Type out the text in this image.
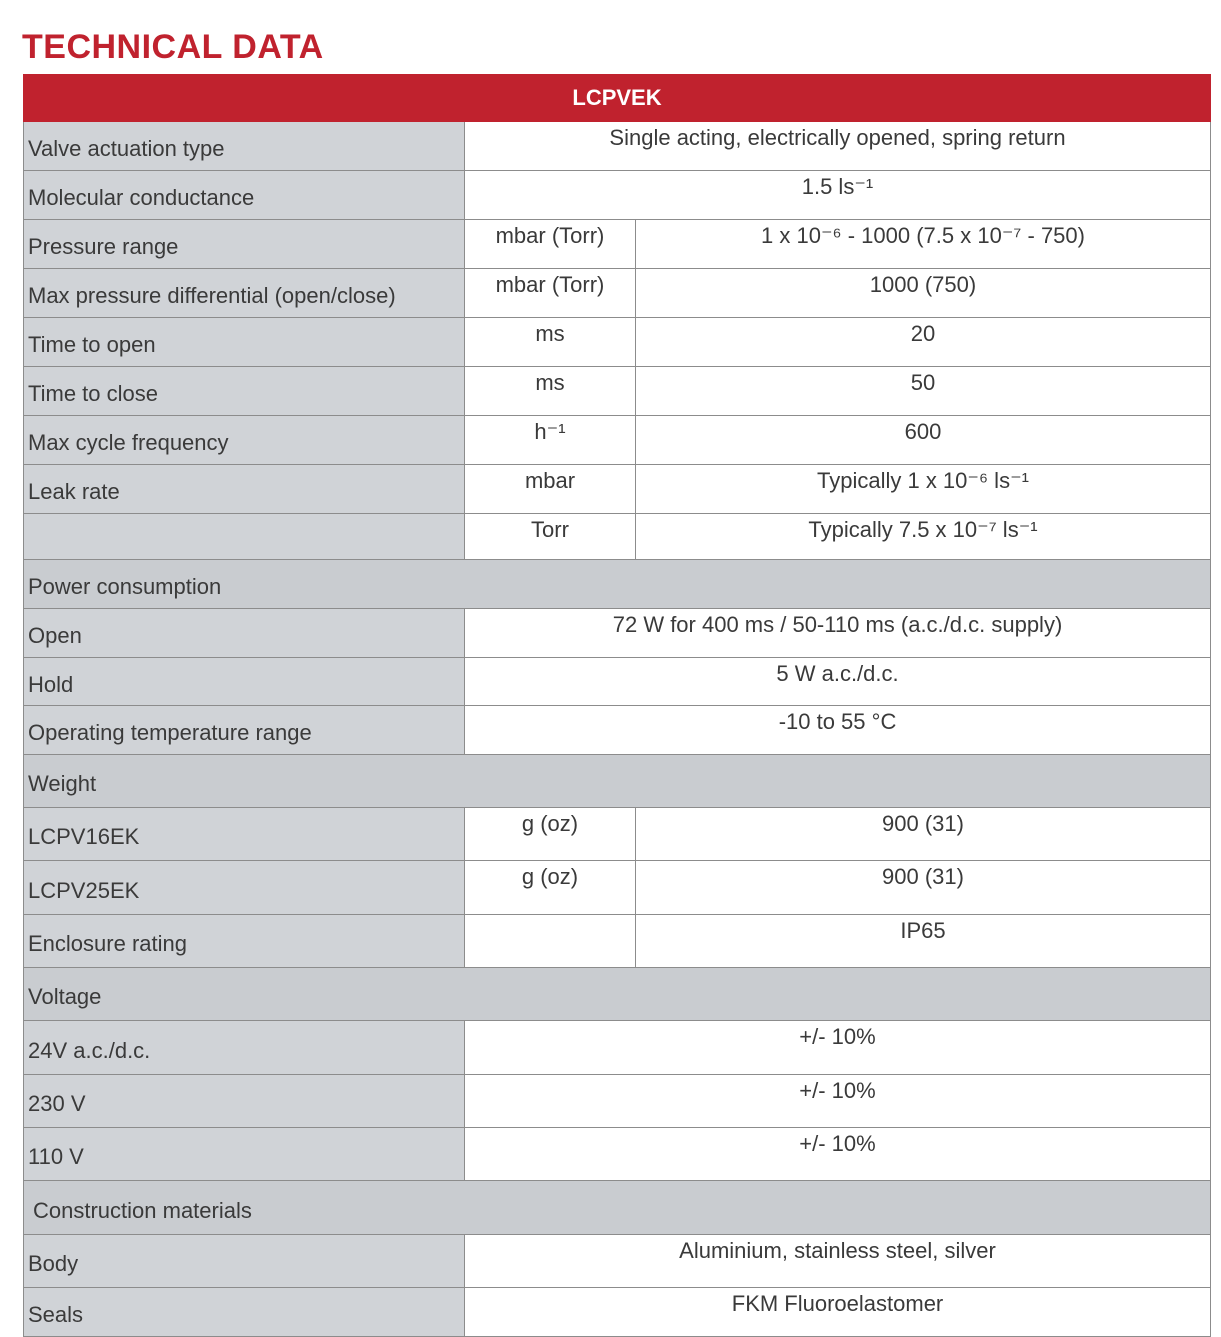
TECHNICAL DATA
LCPVEK		
Valve actuation type	Single acting, electrically opened, spring return	
Molecular conductance	1.5 ls⁻¹	
Pressure range	mbar (Torr)	1 x 10⁻⁶ - 1000 (7.5 x 10⁻⁷ - 750)
Max pressure differential (open/close)	mbar (Torr)	1000 (750)
Time to open	ms	20
Time to close	ms	50
Max cycle frequency	h⁻¹	600
Leak rate	mbar	Typically 1 x 10⁻⁶ ls⁻¹
	Torr	Typically 7.5 x 10⁻⁷ ls⁻¹
Power consumption		
Open	72 W for 400 ms / 50-110 ms (a.c./d.c. supply)	
Hold	5 W a.c./d.c.	
Operating temperature range	-10 to 55 °C	
Weight		
LCPV16EK	g (oz)	900 (31)
LCPV25EK	g (oz)	900 (31)
Enclosure rating		IP65
Voltage		
24V a.c./d.c.	+/- 10%	
230 V	+/- 10%	
110 V	+/- 10%	
Construction materials		
Body	Aluminium, stainless steel, silver	
Seals	FKM Fluoroelastomer	
